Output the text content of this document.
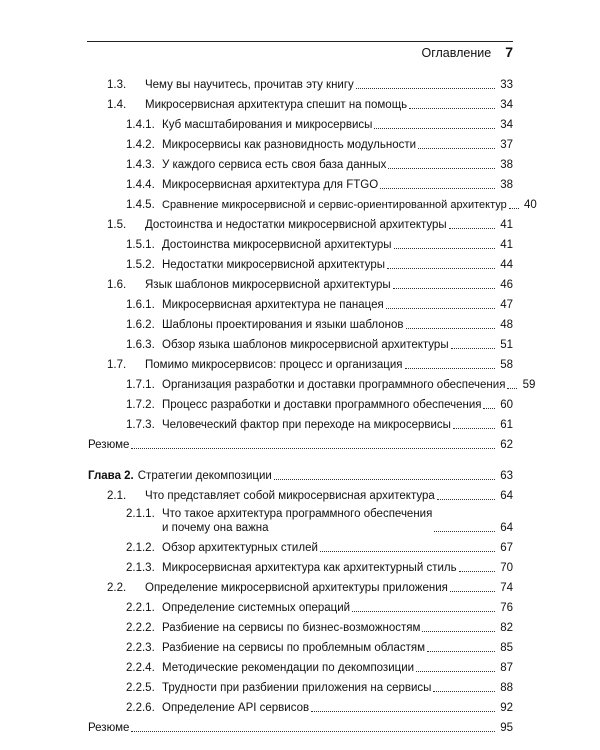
Оглавление 7
1.3.	Чему вы научитесь, прочитав эту книгу	33
1.4.	Микросервисная архитектура спешит на помощь	34
1.4.1. Куб масштабирования и микросервисы	34
1.4.2. Микросервисы как разновидность модульности	37
1.4.3. У каждого сервиса есть своя база данных	38
1.4.4. Микросервисная архитектура для FTGO	38
1.4.5. Сравнение микросервисной и сервис-ориентированной архитектур 40
1.5.	Достоинства и недостатки микросервисной архитектуры	41
1.5.1. Достоинства микросервисной архитектуры	41
1.5.2. Недостатки микросервисной архитектуры	44
1.6.	Язык шаблонов микросервисной архитектуры	46
1.6.1. Микросервисная архитектура не панацея	47
1.6.2. Шаблоны проектирования и языки шаблонов	48
1.6.3. Обзор языка шаблонов микросервисной архитектуры	51
1.7.	Помимо микросервисов: процесс и организация	58
1.7.1. Организация разработки и доставки программного обеспечения 59
1.7.2. Процесс разработки и доставки программного обеспечения 60
1.7.3. Человеческий фактор при переходе на микросервисы	61
Резюме	62
Глава 2. Стратегии декомпозиции	63
2.1.	Что представляет собой микросервисная архитектура	64
2.1.1. Что такое архитектура программного обеспечения
и почему она важна	64
2.1.2. Обзор архитектурных стилей	67
2.1.3. Микросервисная архитектура как архитектурный стиль	70
2.2.	Определение микросервисной архитектуры приложения	74
2.2.1. Определение системных операций	76
2.2.2. Разбиение на сервисы по бизнес-возможностям	82
2.2.3. Разбиение на сервисы по проблемным областям	85
2.2.4. Методические рекомендации по декомпозиции	87
2.2.5. Трудности при разбиении приложения на сервисы	88
2.2.6. Определение API сервисов	92
Резюме	95
